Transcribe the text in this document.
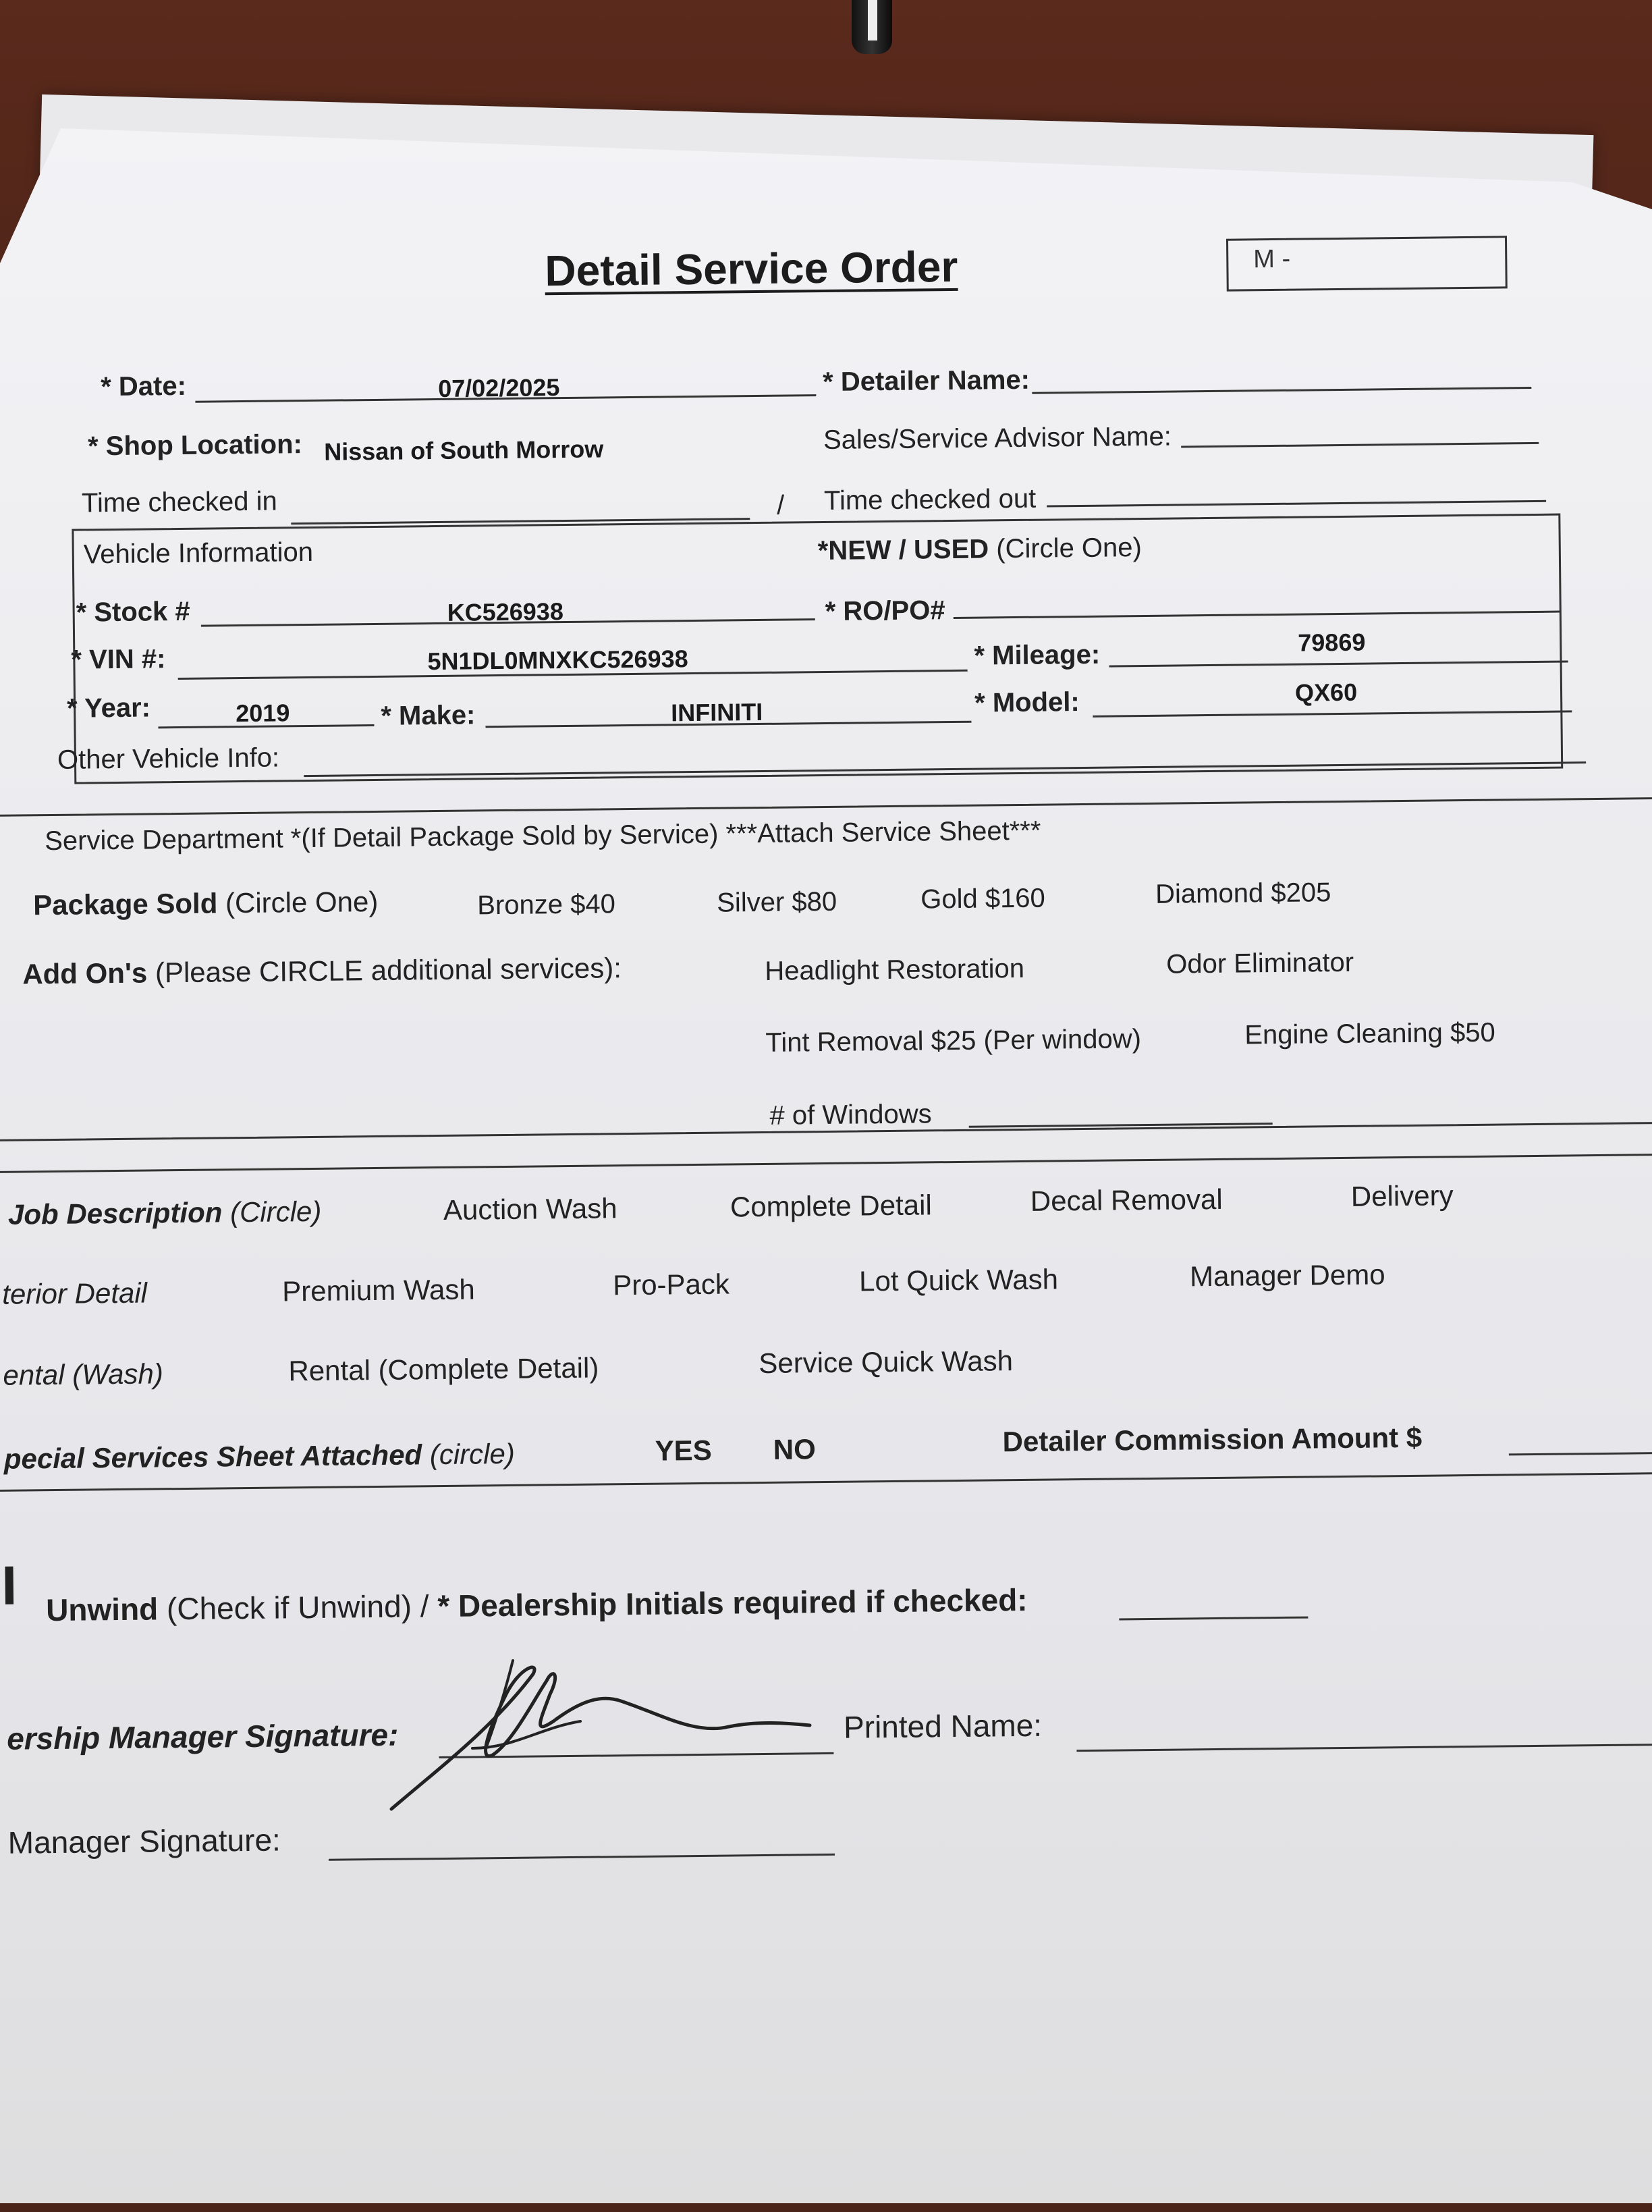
Detail Service Order	M -
* Date:	07/02/2025	* Detailer Name:
* Shop Location: Nissan of South Morrow	Sales/Service Advisor Name:
Time checked in	/ Time checked out
Vehicle Information	*NEW / USED (Circle One)
* Stock #	KC526938	* RO/PO#
* VIN #:	5N1DL0MNXKC526938	* Mileage:	79869
* Year:	2019	* Make:	INFINITI	* Model:	QX60
Other Vehicle Info:
Service Department *(If Detail Package Sold by Service) ***Attach Service Sheet***
Package Sold (Circle One)	Bronze $40	Silver $80	Gold $160	Diamond $205
Add On's (Please CIRCLE additional services):	Headlight Restoration	Odor Eliminator
Tint Removal $25 (Per window)	Engine Cleaning $50
# of Windows
Job Description (Circle)	Auction Wash	Complete Detail	Decal Removal	Delivery
terior Detail	Premium Wash	Pro-Pack	Lot Quick Wash	Manager Demo
ental (Wash)	Rental (Complete Detail)	Service Quick Wash
pecial Services Sheet Attached (circle)	YES NO	Detailer Commission Amount $
Unwind (Check if Unwind) / * Dealership Initials required if checked:
ership Manager Signature:	Printed Name:
Manager Signature:
